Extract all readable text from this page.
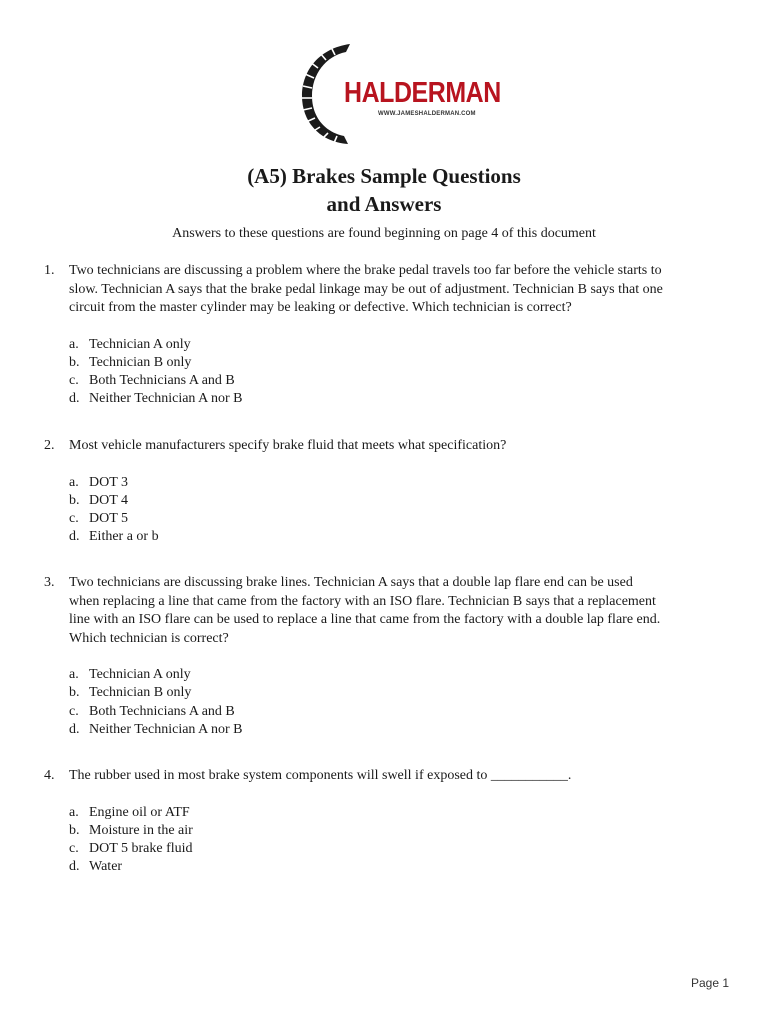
HALDERMAN
WWW.JAMESHALDERMAN.COM
(A5) Brakes Sample Questions
and Answers
Answers to these questions are found beginning on page 4 of this document
1. Two technicians are discussing a problem where the brake pedal travels too far before the vehicle starts to
slow. Technician A says that the brake pedal linkage may be out of adjustment. Technician B says that one
circuit from the master cylinder may be leaking or defective. Which technician is correct?
a. Technician A only
b. Technician B only
c. Both Technicians A and B
d. Neither Technician A nor B
2. Most vehicle manufacturers specify brake fluid that meets what specification?
a. DOT 3
b. DOT 4
c. DOT 5
d. Either a or b
3. Two technicians are discussing brake lines. Technician A says that a double lap flare end can be used
when replacing a line that came from the factory with an ISO flare. Technician B says that a replacement
line with an ISO flare can be used to replace a line that came from the factory with a double lap flare end.
Which technician is correct?
a. Technician A only
b. Technician B only
c. Both Technicians A and B
d. Neither Technician A nor B
4. The rubber used in most brake system components will swell if exposed to ___________.
a. Engine oil or ATF
b. Moisture in the air
c. DOT 5 brake fluid
d. Water
Page 1
